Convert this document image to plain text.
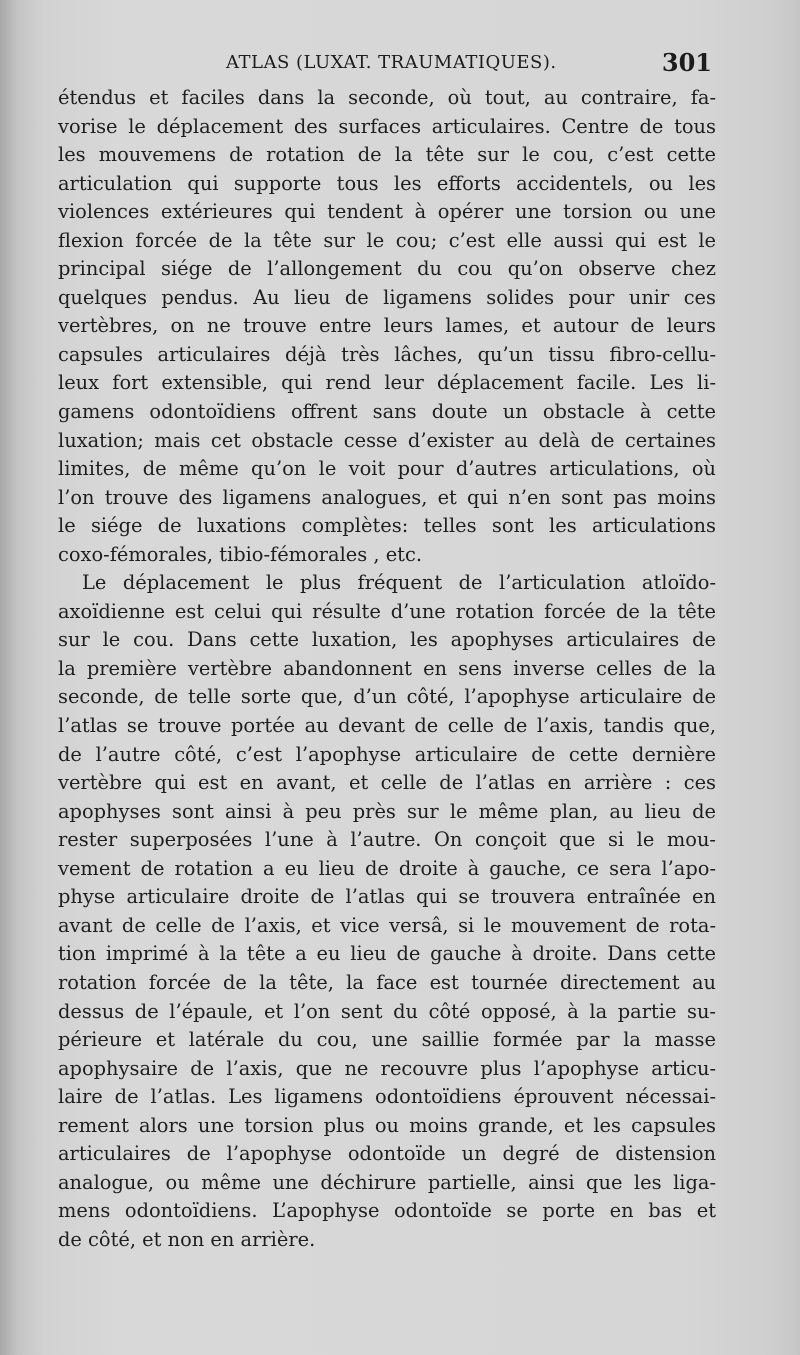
ATLAS (LUXAT. TRAUMATIQUES).	301
étendus et faciles dans la seconde, où tout, au contraire, fa-
vorise le déplacement des surfaces articulaires. Centre de tous
les mouvemens de rotation de la tête sur le cou, c’est cette
articulation qui supporte tous les efforts accidentels, ou les
violences extérieures qui tendent à opérer une torsion ou une
flexion forcée de la tête sur le cou; c’est elle aussi qui est le
principal siége de l’allongement du cou qu’on observe chez
quelques pendus. Au lieu de ligamens solides pour unir ces
vertèbres, on ne trouve entre leurs lames, et autour de leurs
capsules articulaires déjà très lâches, qu’un tissu fibro-cellu-
leux fort extensible, qui rend leur déplacement facile. Les li-
gamens odontoïdiens offrent sans doute un obstacle à cette
luxation; mais cet obstacle cesse d’exister au delà de certaines
limites, de même qu’on le voit pour d’autres articulations, où
l’on trouve des ligamens analogues, et qui n’en sont pas moins
le siége de luxations complètes: telles sont les articulations
coxo-fémorales, tibio-fémorales , etc.
Le déplacement le plus fréquent de l’articulation atloïdo-
axoïdienne est celui qui résulte d’une rotation forcée de la tête
sur le cou. Dans cette luxation, les apophyses articulaires de
la première vertèbre abandonnent en sens inverse celles de la
seconde, de telle sorte que, d’un côté, l’apophyse articulaire de
l’atlas se trouve portée au devant de celle de l’axis, tandis que,
de l’autre côté, c’est l’apophyse articulaire de cette dernière
vertèbre qui est en avant, et celle de l’atlas en arrière : ces
apophyses sont ainsi à peu près sur le même plan, au lieu de
rester superposées l’une à l’autre. On conçoit que si le mou-
vement de rotation a eu lieu de droite à gauche, ce sera l’apo-
physe articulaire droite de l’atlas qui se trouvera entraînée en
avant de celle de l’axis, et vice versâ, si le mouvement de rota-
tion imprimé à la tête a eu lieu de gauche à droite. Dans cette
rotation forcée de la tête, la face est tournée directement au
dessus de l’épaule, et l’on sent du côté opposé, à la partie su-
périeure et latérale du cou, une saillie formée par la masse
apophysaire de l’axis, que ne recouvre plus l’apophyse articu-
laire de l’atlas. Les ligamens odontoïdiens éprouvent nécessai-
rement alors une torsion plus ou moins grande, et les capsules
articulaires de l’apophyse odontoïde un degré de distension
analogue, ou même une déchirure partielle, ainsi que les liga-
mens odontoïdiens. L’apophyse odontoïde se porte en bas et
de côté, et non en arrière.
